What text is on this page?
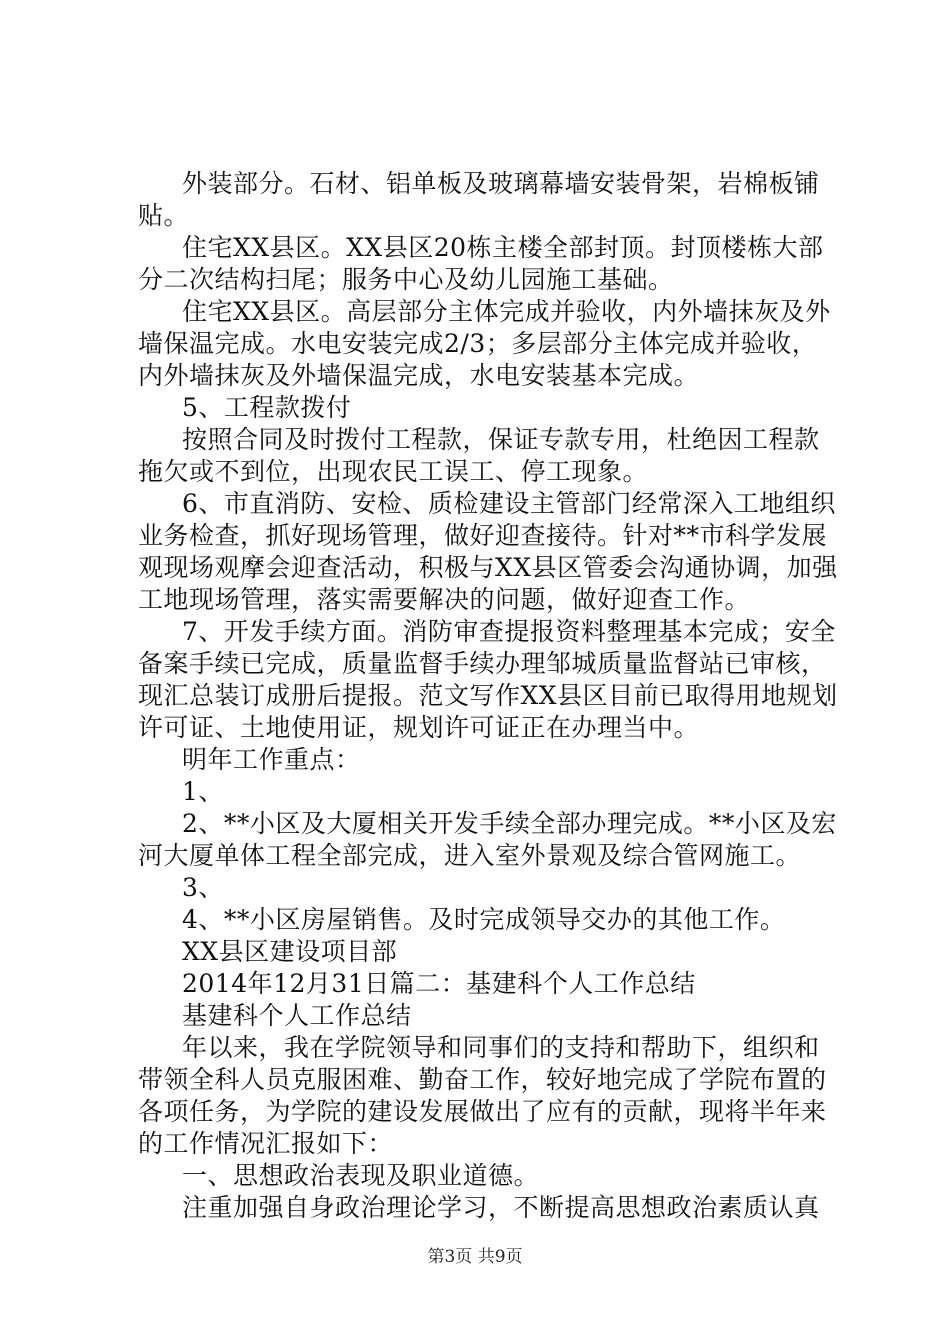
外装部分。石材、铝单板及玻璃幕墙安装骨架，岩棉板铺贴。

住宅XX县区。XX县区20栋主楼全部封顶。封顶楼栋大部分二次结构扫尾；服务中心及幼儿园施工基础。

住宅XX县区。高层部分主体完成并验收，内外墙抹灰及外墙保温完成。水电安装完成2/3；多层部分主体完成并验收，内外墙抹灰及外墙保温完成，水电安装基本完成。

5、工程款拨付

按照合同及时拨付工程款，保证专款专用，杜绝因工程款拖欠或不到位，出现农民工误工、停工现象。

6、市直消防、安检、质检建设主管部门经常深入工地组织业务检查，抓好现场管理，做好迎查接待。针对**市科学发展观现场观摩会迎查活动，积极与XX县区管委会沟通协调，加强工地现场管理，落实需要解决的问题，做好迎查工作。

7、开发手续方面。消防审查提报资料整理基本完成；安全备案手续已完成，质量监督手续办理邹城质量监督站已审核，现汇总装订成册后提报。范文写作XX县区目前已取得用地规划许可证、土地使用证，规划许可证正在办理当中。

明年工作重点：

1、

2、**小区及大厦相关开发手续全部办理完成。**小区及宏河大厦单体工程全部完成，进入室外景观及综合管网施工。

3、

4、**小区房屋销售。及时完成领导交办的其他工作。

XX县区建设项目部

2014年12月31日篇二：基建科个人工作总结

基建科个人工作总结

年以来，我在学院领导和同事们的支持和帮助下，组织和带领全科人员克服困难、勤奋工作，较好地完成了学院布置的各项任务，为学院的建设发展做出了应有的贡献，现将半年来的工作情况汇报如下：

一、思想政治表现及职业道德。

注重加强自身政治理论学习，不断提高思想政治素质认真

第3页 共9页
